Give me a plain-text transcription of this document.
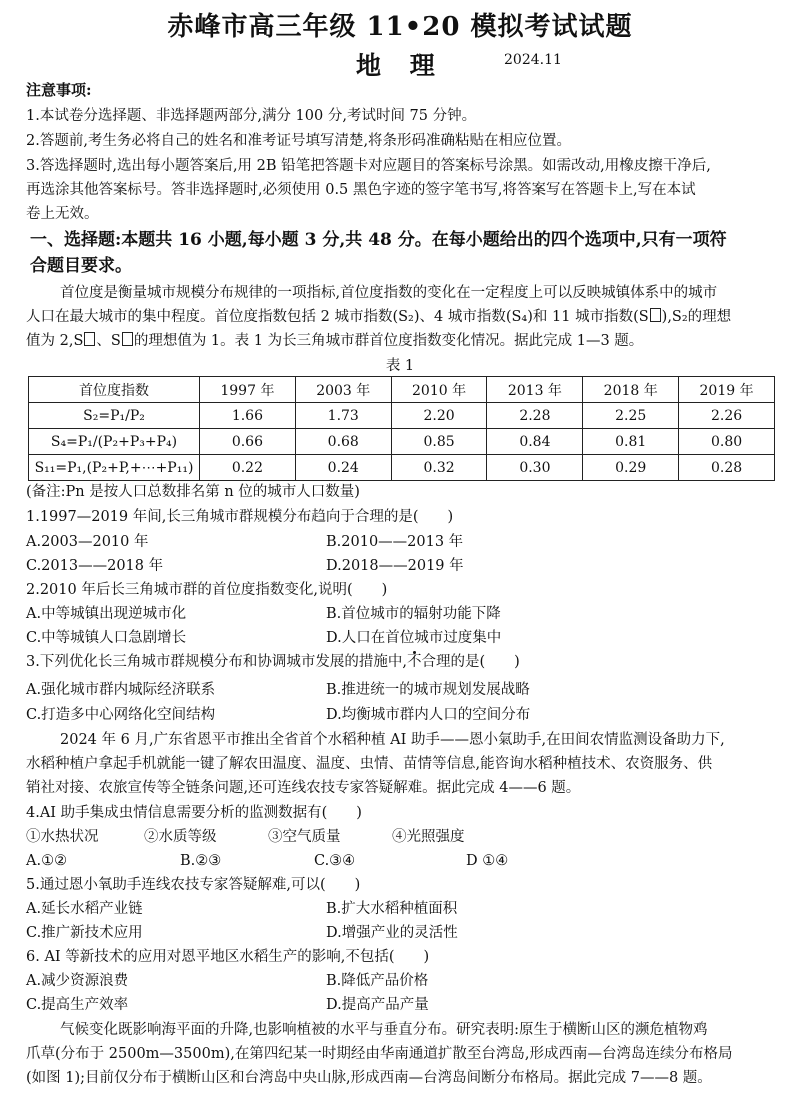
赤峰市高三年级 11•20 模拟考试试题
地 理	2024.11
注意事项:
1.本试卷分选择题、非选择题两部分,满分 100 分,考试时间 75 分钟。
2.答题前,考生务必将自己的姓名和准考证号填写清楚,将条形码准确粘贴在相应位置。
3.答选择题时,选出每小题答案后,用 2B 铅笔把答题卡对应题目的答案标号涂黑。如需改动,用橡皮擦干净后,
再选涂其他答案标号。答非选择题时,必须使用 0.5 黑色字迹的签字笔书写,将答案写在答题卡上,写在本试
卷上无效。
一、选择题:本题共 16 小题,每小题 3 分,共 48 分。在每小题给出的四个选项中,只有一项符
合题目要求。
首位度是衡量城市规模分布规律的一项指标,首位度指数的变化在一定程度上可以反映城镇体系中的城市
人口在最大城市的集中程度。首位度指数包括 2 城市指数(S₂)、4 城市指数(S₄)和 11 城市指数(S ),S₂的理想
值为 2,S 、S 的理想值为 1。表 1 为长三角城市群首位度指数变化情况。据此完成 1—3 题。
表 1
首位度指数	1997 年	2003 年	2010 年	2013 年	2018 年	2019 年
S₂=P₁/P₂	1.66	1.73	2.20	2.28	2.25	2.26
S₄=P₁/(P₂+P₃+P₄)	0.66	0.68	0.85	0.84	0.81	0.80
S₁₁=P₁,(P₂+P,+⋯+P₁₁)	0.22	0.24	0.32	0.30	0.29	0.28
(备注:Pn 是按人口总数排名第 n 位的城市人口数量)
1.1997—2019 年间,长三角城市群规模分布趋向于合理的是(　　)
A.2003—2010 年	B.2010——2013 年
C.2013——2018 年	D.2018——2019 年
2.2010 年后长三角城市群的首位度指数变化,说明(　　)
A.中等城镇出现逆城市化	B.首位城市的辐射功能下降
C.中等城镇人口急剧增长	D.人口在首位城市过度集中
3.下列优化长三角城市群规模分布和协调城市发展的措施中,不合理的是(　　)
A.强化城市群内城际经济联系	B.推进统一的城市规划发展战略
C.打造多中心网络化空间结构	D.均衡城市群内人口的空间分布
2024 年 6 月,广东省恩平市推出全省首个水稻种植 AI 助手——恩小氣助手,在田间农情监测设备助力下,
水稻种植户拿起手机就能一键了解农田温度、温度、虫情、苗情等信息,能咨询水稻种植技术、农资服务、供
销社对接、农旅宣传等全链条问题,还可连线农技专家答疑解难。据此完成 4——6 题。
4.AI 助手集成虫情信息需要分析的监测数据有(　　)
①水热状况	②水质等级	③空气质量	④光照强度
A.①②	B.②③	C.③④	D ①④
5.通过恩小氧助手连线农技专家答疑解难,可以(　　)
A.延长水稻产业链	B.扩大水稻种植面积
C.推广新技术应用	D.增强产业的灵活性
6. AI 等新技术的应用对恩平地区水稻生产的影响,不包括(　　)
A.减少资源浪费	B.降低产品价格
C.提高生产效率	D.提高产品产量
气候变化既影响海平面的升降,也影响植被的水平与垂直分布。研究表明:原生于横断山区的濒危植物鸡
爪草(分布于 2500m—3500m),在第四纪某一时期经由华南通道扩散至台湾岛,形成西南—台湾岛连续分布格局
(如图 1);目前仅分布于横断山区和台湾岛中央山脉,形成西南—台湾岛间断分布格局。据此完成 7——8 题。
